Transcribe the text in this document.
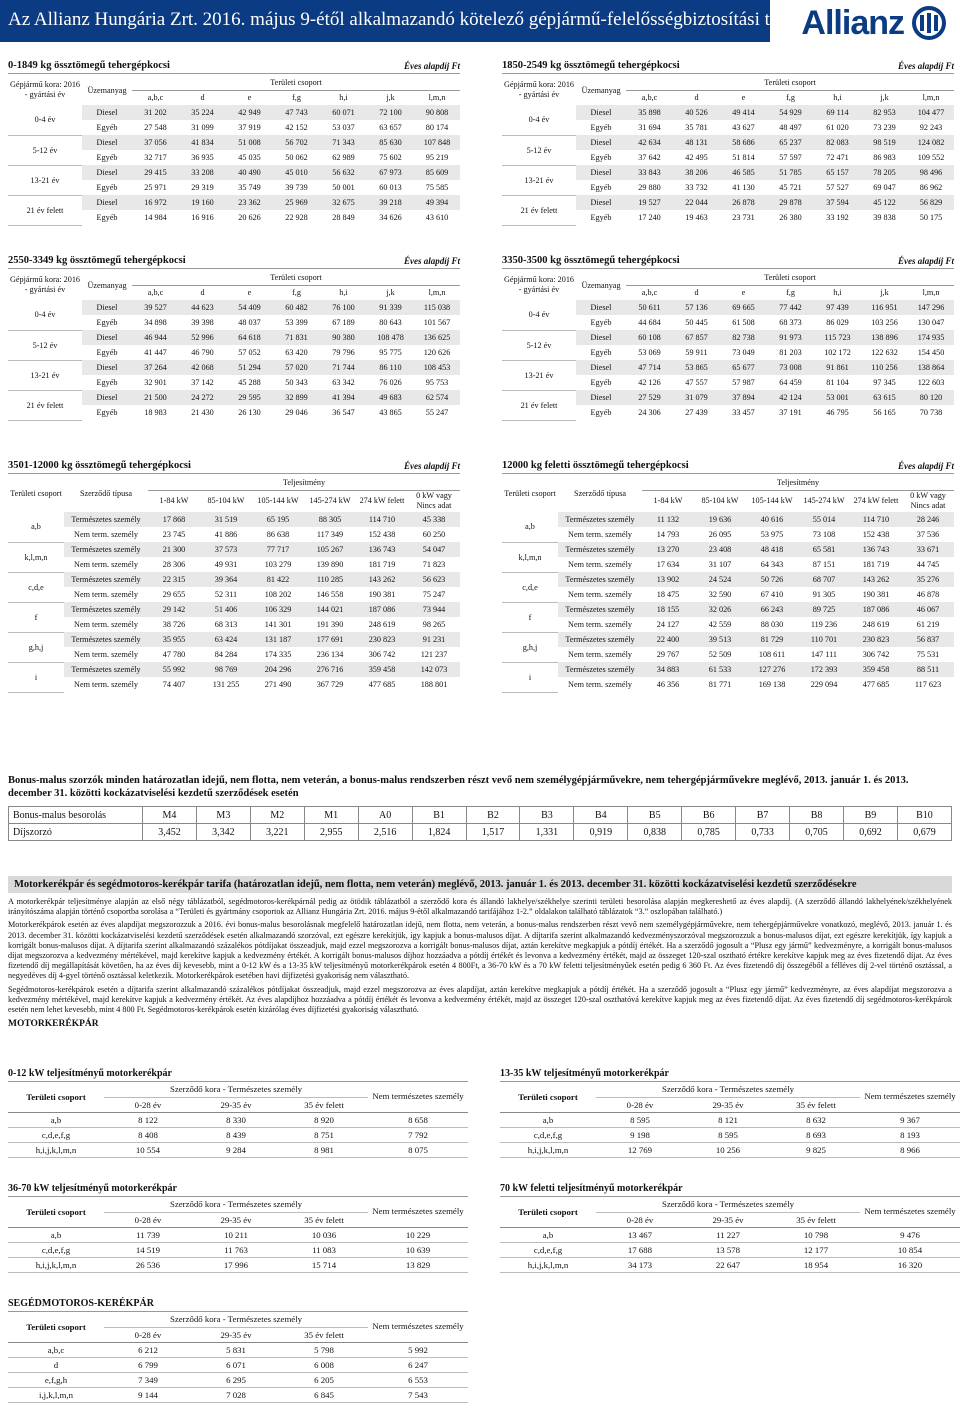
Az Allianz Hungária Zrt. 2016. május 9-étől alkalmazandó kötelező gépjármű-felelősségbiztosítási tarifája
Allianz
0-1849 kg össztömegű tehergépkocsi	Éves alapdíj Ft
Gépjármű kora: 2016 - gyártási év	Üzemanyag	Területi csoport						
		a,b,c	d	e	f,g	h,i	j,k	l,m,n
0-4 év	Diesel	31 202	35 224	42 949	47 743	60 071	72 100	90 808
	Egyéb	27 548	31 099	37 919	42 152	53 037	63 657	80 174
5-12 év	Diesel	37 056	41 834	51 008	56 702	71 343	85 630	107 848
	Egyéb	32 717	36 935	45 035	50 062	62 989	75 602	95 219
13-21 év	Diesel	29 415	33 208	40 490	45 010	56 632	67 973	85 609
	Egyéb	25 971	29 319	35 749	39 739	50 001	60 013	75 585
21 év felett	Diesel	16 972	19 160	23 362	25 969	32 675	39 218	49 394
	Egyéb	14 984	16 916	20 626	22 928	28 849	34 626	43 610
1850-2549 kg össztömegű tehergépkocsi	Éves alapdíj Ft
Gépjármű kora: 2016 - gyártási év	Üzemanyag	Területi csoport						
		a,b,c	d	e	f,g	h,i	j,k	l,m,n
0-4 év	Diesel	35 898	40 526	49 414	54 929	69 114	82 953	104 477
	Egyéb	31 694	35 781	43 627	48 497	61 020	73 239	92 243
5-12 év	Diesel	42 634	48 131	58 686	65 237	82 083	98 519	124 082
	Egyéb	37 642	42 495	51 814	57 597	72 471	86 983	109 552
13-21 év	Diesel	33 843	38 206	46 585	51 785	65 157	78 205	98 496
	Egyéb	29 880	33 732	41 130	45 721	57 527	69 047	86 962
21 év felett	Diesel	19 527	22 044	26 878	29 878	37 594	45 122	56 829
	Egyéb	17 240	19 463	23 731	26 380	33 192	39 838	50 175
2550-3349 kg össztömegű tehergépkocsi	Éves alapdíj Ft
Gépjármű kora: 2016 - gyártási év	Üzemanyag	Területi csoport						
		a,b,c	d	e	f,g	h,i	j,k	l,m,n
0-4 év	Diesel	39 527	44 623	54 409	60 482	76 100	91 339	115 038
	Egyéb	34 898	39 398	48 037	53 399	67 189	80 643	101 567
5-12 év	Diesel	46 944	52 996	64 618	71 831	90 380	108 478	136 625
	Egyéb	41 447	46 790	57 052	63 420	79 796	95 775	120 626
13-21 év	Diesel	37 264	42 068	51 294	57 020	71 744	86 110	108 453
	Egyéb	32 901	37 142	45 288	50 343	63 342	76 026	95 753
21 év felett	Diesel	21 500	24 272	29 595	32 899	41 394	49 683	62 574
	Egyéb	18 983	21 430	26 130	29 046	36 547	43 865	55 247
3350-3500 kg össztömegű tehergépkocsi	Éves alapdíj Ft
Gépjármű kora: 2016 - gyártási év	Üzemanyag	Területi csoport						
		a,b,c	d	e	f,g	h,i	j,k	l,m,n
0-4 év	Diesel	50 611	57 136	69 665	77 442	97 439	116 951	147 296
	Egyéb	44 684	50 445	61 508	68 373	86 029	103 256	130 047
5-12 év	Diesel	60 108	67 857	82 738	91 973	115 723	138 896	174 935
	Egyéb	53 069	59 911	73 049	81 203	102 172	122 632	154 450
13-21 év	Diesel	47 714	53 865	65 677	73 008	91 861	110 256	138 864
	Egyéb	42 126	47 557	57 987	64 459	81 104	97 345	122 603
21 év felett	Diesel	27 529	31 079	37 894	42 124	53 001	63 615	80 120
	Egyéb	24 306	27 439	33 457	37 191	46 795	56 165	70 738
3501-12000 kg össztömegű tehergépkocsi	Éves alapdíj Ft
Területi csoport	Szerződő típusa	Teljesítmény					
		1-84 kW	85-104 kW	105-144 kW	145-274 kW	274 kW felett	0 kW vagy Nincs adat
a,b	Természetes személy	17 868	31 519	65 195	88 305	114 710	45 338
	Nem term. személy	23 745	41 886	86 638	117 349	152 438	60 250
k,l,m,n	Természetes személy	21 300	37 573	77 717	105 267	136 743	54 047
	Nem term. személy	28 306	49 931	103 279	139 890	181 719	71 823
c,d,e	Természetes személy	22 315	39 364	81 422	110 285	143 262	56 623
	Nem term. személy	29 655	52 311	108 202	146 558	190 381	75 247
f	Természetes személy	29 142	51 406	106 329	144 021	187 086	73 944
	Nem term. személy	38 726	68 313	141 301	191 390	248 619	98 265
g,h,j	Természetes személy	35 955	63 424	131 187	177 691	230 823	91 231
	Nem term. személy	47 780	84 284	174 335	236 134	306 742	121 237
i	Természetes személy	55 992	98 769	204 296	276 716	359 458	142 073
	Nem term. személy	74 407	131 255	271 490	367 729	477 685	188 801
12000 kg feletti össztömegű tehergépkocsi	Éves alapdíj Ft
Területi csoport	Szerződő típusa	Teljesítmény					
		1-84 kW	85-104 kW	105-144 kW	145-274 kW	274 kW felett	0 kW vagy Nincs adat
a,b	Természetes személy	11 132	19 636	40 616	55 014	114 710	28 246
	Nem term. személy	14 793	26 095	53 975	73 108	152 438	37 536
k,l,m,n	Természetes személy	13 270	23 408	48 418	65 581	136 743	33 671
	Nem term. személy	17 634	31 107	64 343	87 151	181 719	44 745
c,d,e	Természetes személy	13 902	24 524	50 726	68 707	143 262	35 276
	Nem term. személy	18 475	32 590	67 410	91 305	190 381	46 878
f	Természetes személy	18 155	32 026	66 243	89 725	187 086	46 067
	Nem term. személy	24 127	42 559	88 030	119 236	248 619	61 219
g,h,j	Természetes személy	22 400	39 513	81 729	110 701	230 823	56 837
	Nem term. személy	29 767	52 509	108 611	147 111	306 742	75 531
i	Természetes személy	34 883	61 533	127 276	172 393	359 458	88 511
	Nem term. személy	46 356	81 771	169 138	229 094	477 685	117 623
Bonus-malus szorzók minden határozatlan idejű, nem flotta, nem veterán, a bonus-malus rendszerben részt vevő nem személygépjárművekre, nem tehergépjárművekre meglévő, 2013. január 1. és 2013. december 31. közötti kockázatviselési kezdetű szerződések esetén
Bonus-malus besorolás	M4	M3	M2	M1	A0	B1	B2	B3	B4	B5	B6	B7	B8	B9	B10
Díjszorzó	3,452	3,342	3,221	2,955	2,516	1,824	1,517	1,331	0,919	0,838	0,785	0,733	0,705	0,692	0,679
Motorkerékpár és segédmotoros-kerékpár tarifa (határozatlan idejű, nem flotta, nem veterán) meglévő, 2013. január 1. és 2013. december 31. közötti kockázatviselési kezdetű szerződésekre

A motorkerékpár teljesítménye alapján az első négy táblázatból, segédmotoros-kerékpárnál pedig az ötödik táblázatból a szerződő kora és állandó lakhelye/székhelye szerinti területi besorolása alapján megkereshető az éves alapdíj. (A szerződő állandó lakhelyének/székhelyének irányítószáma alapján történő csoportba sorolása a “Területi és gyártmány csoportok az Allianz Hungária Zrt. 2016. május 9-étől alkalmazandó tarifájához 1-2.” oldalakon található táblázatok “3.” oszlopában található.)

Motorkerékpárok esetén az éves alapdíjat megszorozzuk a 2016. évi bonus-malus besorolásnak megfelelő határozatlan idejű, nem flotta, nem veterán, a bonus-malus rendszerben részt vevő nem személygépjárművekre, nem tehergépjárművekre vonatkozó, meglévő, 2013. január 1. és 2013. december 31. közötti kockázatviselési kezdetű szerződések esetén alkalmazandó szorzóval, ezt egészre kerekítjük, így kapjuk a bonus-malusos díjat. A díjtarifa szerint alkalmazandó kedvezményszorzóval megszorozzuk a bonus-malusos díjat, ezt egészre kerekítjük, így kapjuk a korrigált bonus-malusos díjat. A díjtarifa szerint alkalmazandó százalékos pótdíjakat összeadjuk, majd ezzel megszorozva a korrigált bonus-malusos díjat, aztán kerekítve megkapjuk a pótdíj értékét. Ha a szerződő jogosult a “Plusz egy jármű” kedvezményre, a korrigált bonus-malusos díjat megszorozva a kedvezmény mértékével, majd kerekítve kapjuk a kedvezmény értékét. A korrigált bonus-malusos díjhoz hozzáadva a pótdíj értékét és levonva a kedvezmény értékét, majd az összeget 120-szal osztható értékre kerekítve kapjuk meg az éves fizetendő díjat. Az éves fizetendő díj megállapítását követően, ha az éves díj kevesebb, mint a 0-12 kW és a 13-35 kW teljesítményű motorkerékpárok esetén 4 800Ft, a 36-70 kW és a 70 kW feletti teljesítményűek esetén pedig 6 360 Ft. Az éves fizetendő díj összegéből a félléves díj 2-vel történő osztással, a negyedéves díj 4-gyel történő osztással keletkezik. Motorkerékpárok esetében havi díjfizetési gyakoriság nem választható.

Segédmotoros-kerékpárok esetén a díjtarifa szerint alkalmazandó százalékos pótdíjakat összeadjuk, majd ezzel megszorozva az éves alapdíjat, aztán kerekítve megkapjuk a pótdíj értékét. Ha a szerződő jogosult a “Plusz egy jármű” kedvezményre, az éves alapdíjat megszorozva a kedvezmény mértékével, majd kerekítve kapjuk a kedvezmény értékét. Az éves alapdíjhoz hozzáadva a pótdíj értékét és levonva a kedvezmény értékét, majd az összeget 120-szal oszthatóvá kerekítve kapjuk meg az éves fizetendő díjat. Az éves fizetendő díj segédmotoros-kerékpárok esetén nem lehet kevesebb, mint 4 800 Ft. Segédmotoros-kerékpárok esetén kizárólag éves díjfizetési gyakoriság választható.

MOTORKERÉKPÁR
0-12 kW teljesítményű motorkerékpár
Területi csoport	Szerződő kora - Természetes személy			Nem természetes személy
	0-28 év	29-35 év	35 év felett	
a,b	8 122	8 330	8 920	8 658
c,d,e,f,g	8 408	8 439	8 751	7 792
h,i,j,k,l,m,n	10 554	9 284	8 981	8 075
13-35 kW teljesítményű motorkerékpár
Területi csoport	Szerződő kora - Természetes személy			Nem természetes személy
	0-28 év	29-35 év	35 év felett	
a,b	8 595	8 121	8 632	9 367
c,d,e,f,g	9 198	8 595	8 693	8 193
h,i,j,k,l,m,n	12 769	10 256	9 825	8 966
36-70 kW teljesítményű motorkerékpár
Területi csoport	Szerződő kora - Természetes személy			Nem természetes személy
	0-28 év	29-35 év	35 év felett	
a,b	11 739	10 211	10 036	10 229
c,d,e,f,g	14 519	11 763	11 083	10 639
h,i,j,k,l,m,n	26 536	17 996	15 714	13 829
70 kW feletti teljesítményű motorkerékpár
Területi csoport	Szerződő kora - Természetes személy			Nem természetes személy
	0-28 év	29-35 év	35 év felett	
a,b	13 467	11 227	10 798	9 476
c,d,e,f,g	17 688	13 578	12 177	10 854
h,i,j,k,l,m,n	34 173	22 647	18 954	16 320
SEGÉDMOTOROS-KERÉKPÁR
Területi csoport	Szerződő kora - Természetes személy			Nem természetes személy
	0-28 év	29-35 év	35 év felett	
a,b,c	6 212	5 831	5 798	5 992
d	6 799	6 071	6 008	6 247
e,f,g,h	7 349	6 295	6 205	6 553
i,j,k,l,m,n	9 144	7 028	6 845	7 543
